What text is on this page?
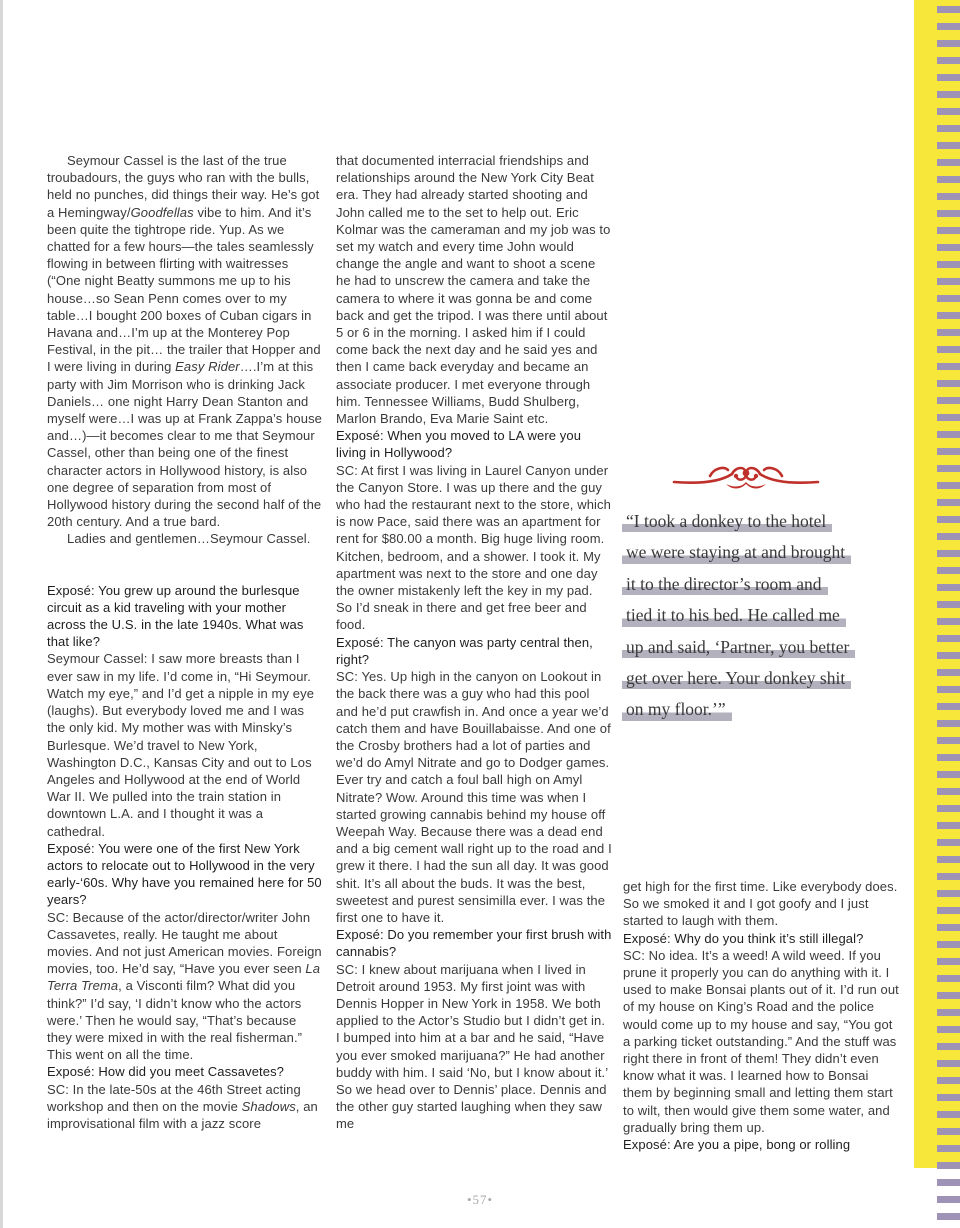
Seymour Cassel is the last of the true troubadours, the guys who ran with the bulls, held no punches, did things their way. He’s got a Hemingway/Goodfellas vibe to him. And it’s been quite the tightrope ride. Yup. As we chatted for a few hours—the tales seamlessly flowing in between flirting with waitresses (“One night Beatty summons me up to his house…so Sean Penn comes over to my table…I bought 200 boxes of Cuban cigars in Havana and…I’m up at the Monterey Pop Festival, in the pit… the trailer that Hopper and I were living in during Easy Rider….I’m at this party with Jim Morrison who is drinking Jack Daniels… one night Harry Dean Stanton and myself were…I was up at Frank Zappa’s house and…)—it becomes clear to me that Seymour Cassel, other than being one of the finest character actors in Hollywood history, is also one degree of separation from most of Hollywood history during the second half of the 20th century. And a true bard.

Ladies and gentlemen…Seymour Cassel.

Exposé: You grew up around the burlesque circuit as a kid traveling with your mother across the U.S. in the late 1940s. What was that like?

Seymour Cassel: I saw more breasts than I ever saw in my life. I’d come in, “Hi Seymour. Watch my eye,” and I’d get a nipple in my eye (laughs). But everybody loved me and I was the only kid. My mother was with Minsky’s Burlesque. We’d travel to New York, Washington D.C., Kansas City and out to Los Angeles and Hollywood at the end of World War II. We pulled into the train station in downtown L.A. and I thought it was a cathedral.

Exposé: You were one of the first New York actors to relocate out to Hollywood in the very early-‘60s. Why have you remained here for 50 years?

SC: Because of the actor/director/writer John Cassavetes, really. He taught me about movies. And not just American movies. Foreign movies, too. He’d say, “Have you ever seen La Terra Trema, a Visconti film? What did you think?” I’d say, ‘I didn’t know who the actors were.’ Then he would say, “That’s because they were mixed in with the real fisherman.” This went on all the time.

Exposé: How did you meet Cassavetes?

SC: In the late-50s at the 46th Street acting workshop and then on the movie Shadows, an improvisational film with a jazz score

that documented interracial friendships and relationships around the New York City Beat era. They had already started shooting and John called me to the set to help out. Eric Kolmar was the cameraman and my job was to set my watch and every time John would change the angle and want to shoot a scene he had to unscrew the camera and take the camera to where it was gonna be and come back and get the tripod. I was there until about 5 or 6 in the morning. I asked him if I could come back the next day and he said yes and then I came back everyday and became an associate producer. I met everyone through him. Tennessee Williams, Budd Shulberg, Marlon Brando, Eva Marie Saint etc.

Exposé: When you moved to LA were you living in Hollywood?

SC: At first I was living in Laurel Canyon under the Canyon Store. I was up there and the guy who had the restaurant next to the store, which is now Pace, said there was an apartment for rent for $80.00 a month. Big huge living room. Kitchen, bedroom, and a shower. I took it. My apartment was next to the store and one day the owner mistakenly left the key in my pad. So I’d sneak in there and get free beer and food.

Exposé: The canyon was party central then, right?

SC: Yes. Up high in the canyon on Lookout in the back there was a guy who had this pool and he’d put crawfish in. And once a year we’d catch them and have Bouillabaisse. And one of the Crosby brothers had a lot of parties and we’d do Amyl Nitrate and go to Dodger games. Ever try and catch a foul ball high on Amyl Nitrate? Wow. Around this time was when I started growing cannabis behind my house off Weepah Way. Because there was a dead end and a big cement wall right up to the road and I grew it there. I had the sun all day. It was good shit. It’s all about the buds. It was the best, sweetest and purest sensimilla ever. I was the first one to have it.

Exposé: Do you remember your first brush with cannabis?

SC: I knew about marijuana when I lived in Detroit around 1953. My first joint was with Dennis Hopper in New York in 1958. We both applied to the Actor’s Studio but I didn’t get in. I bumped into him at a bar and he said, “Have you ever smoked marijuana?” He had another buddy with him. I said ‘No, but I know about it.’ So we head over to Dennis’ place. Dennis and the other guy started laughing when they saw me

“I took a donkey to the hotel
we were staying at and brought
it to the director’s room and
tied it to his bed. He called me
up and said, ‘Partner, you better
get over here. Your donkey shit
on my floor.’”

get high for the first time. Like everybody does. So we smoked it and I got goofy and I just started to laugh with them.

Exposé: Why do you think it’s still illegal?

SC: No idea. It’s a weed! A wild weed. If you prune it properly you can do anything with it. I used to make Bonsai plants out of it. I’d run out of my house on King’s Road and the police would come up to my house and say, “You got a parking ticket outstanding.” And the stuff was right there in front of them! They didn’t even know what it was. I learned how to Bonsai them by beginning small and letting them start to wilt, then would give them some water, and gradually bring them up.

Exposé: Are you a pipe, bong or rolling

•57•
